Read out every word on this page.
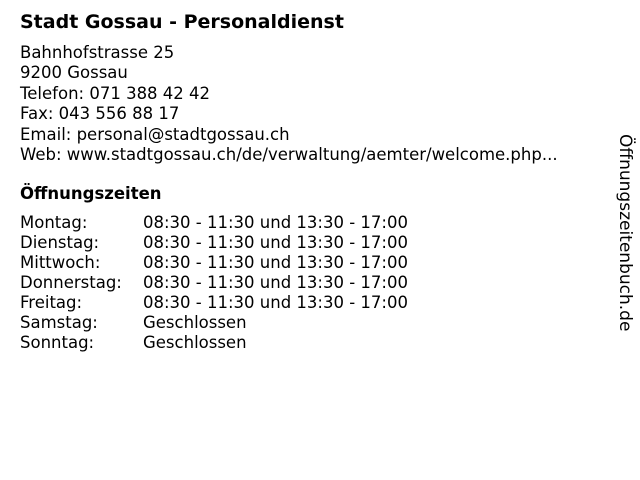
Stadt Gossau - Personaldienst
Bahnhofstrasse 25
9200 Gossau
Telefon: 071 388 42 42
Fax: 043 556 88 17
Email: personal@stadtgossau.ch
Web: www.stadtgossau.ch/de/verwaltung/aemter/welcome.php...
Öffnungszeiten
Montag:	08:30 - 11:30 und 13:30 - 17:00
Dienstag:	08:30 - 11:30 und 13:30 - 17:00
Mittwoch:	08:30 - 11:30 und 13:30 - 17:00
Donnerstag:	08:30 - 11:30 und 13:30 - 17:00
Freitag:	08:30 - 11:30 und 13:30 - 17:00
Samstag:	Geschlossen
Sonntag:	Geschlossen
Öffnungszeitenbuch.de
